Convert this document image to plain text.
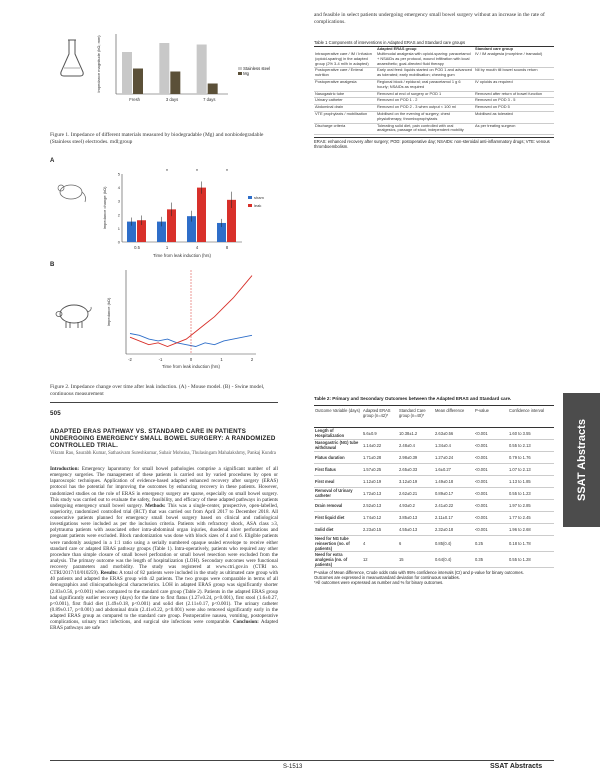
Impedance magnitude (kΩ; mm)
Fresh	3 days	7 days
Stainless steel
Mg
Figure 1. Impedance of different materials measured by biodegradable (Mg) and nonbiodegradable (Stainless steel) electrodes. mdl;group
A
5
4
3
2
1
0
Impedance change (kΩ)
0.5	1	4	8
*	*	*
Time from leak induction (hrs)
sham
leak
B
Impedance (kΩ)
-2	-1	0	1	2
Time from leak induction (hrs)
Figure 2. Impedance change over time after leak induction. (A) - Mouse model. (B) - Swine model, continuous measurement
505
ADAPTED ERAS PATHWAY VS. STANDARD CARE IN PATIENTS UNDERGOING EMERGENCY SMALL BOWEL SURGERY: A RANDOMIZED CONTROLLED TRIAL.
Vikram Rao, Saurabh Kumar, Sathasivam Sureshkumar, Subair Mohsina, Thulasingam Mahalakshmy, Pankaj Kundra
Introduction: Emergency laparotomy for small bowel pathologies comprise a significant number of all emergency surgeries. The management of these patients is carried out by varied procedures by open or laparoscopic techniques. Application of evidence-based adapted enhanced recovery after surgery (ERAS) protocol has the potential for improving the outcomes by enhancing recovery in these patients. However, randomized studies on the role of ERAS in emergency surgery are sparse, especially on small bowel surgery. This study was carried out to evaluate the safety, feasibility, and efficacy of these adapted pathways in patients undergoing emergency small bowel surgery. Methods: This was a single-center, prospective, open-labelled, superiority, randomized controlled trial (RCT) that was carried out from April 2017 to December 2018. All consecutive patients planned for emergency small bowel surgery based on clinical and radiological investigations were included as per the inclusion criteria. Patients with refractory shock, ASA class ≥3, polytrauma patients with associated other intra-abdominal organ injuries, duodenal ulcer perforations and pregnant patients were excluded. Block randomization was done with block sizes of 4 and 6. Eligible patients were randomly assigned in a 1:1 ratio using a serially numbered opaque sealed envelope to receive either standard care or adapted ERAS pathway groups (Table 1). Intra-operatively, patients who required any other procedure than simple closure of small bowel perforation or small bowel resection were excluded from the analysis. The primary outcome was the length of hospitalization (LOH). Secondary outcomes were functional recovery parameters and morbidity. The study was registered at www.ctri.gov.in (CTRI no. CTRI/2017/10/010259). Results: A total of 82 patients were included in the study as ultimated care group with 40 patients and adapted the ERAS group with 42 patients. The two groups were comparable in terms of all demographics and clinicopathological characteristics. LOH in adapted ERAS group was significantly shorter (2.83±0.56, p<0.001) when compared to the standard care group (Table 2). Patients in the adapted ERAS group had significantly earlier recovery (days) for the time to first flatus (1.27±0.24, p<0.001), first stool (1.6±0.27, p<0.001), first fluid diet (1.49±0.18, p<0.001) and solid diet (2.11±0.17, p<0.001). The urinary catheter (0.89±0.17, p<0.001) and abdominal drain (2.41±0.22, p<0.001) were also removed significantly early in the adapted ERAS group as compared to the standard care group. Postoperative nausea, vomiting, postoperative complications, urinary tract infections, and surgical site infections were comparable. Conclusion: Adapted ERAS pathways are safe
and feasible in select patients undergoing emergency small bowel surgery without an increase in the rate of complications.
Table 1 Components of interventions in Adapted ERAS and Standard care groups
	Adapted ERAS group	Standard care group
Intraoperative care / IM / Infusion (opioid-sparing) in the adapted group (2% 3-4 ml/h in adapted)	Multimodal analgesia with opioid-sparing: paracetamol + NSAIDs as per protocol, wound infiltration with local anaesthetic; goal-directed fluid therapy	IV / IM analgesia (morphine / tramadol)
Postoperative care / Enteral nutrition	Early oral feed: liquids started on POD 1 and advanced as tolerated; early mobilisation; chewing gum	Nil by mouth till bowel sounds return
Postoperative analgesia	Regional block / epidural; oral paracetamol 1 g 6 hourly; NSAIDs as required	IV opioids as required
Nasogastric tube	Removed at end of surgery or POD 1	Removed after return of bowel function
Urinary catheter	Removed on POD 1 - 2	Removed on POD 3 - 5
Abdominal drain	Removed on POD 2 - 3 when output < 100 ml	Removed on POD 5
VTE prophylaxis / mobilisation	Mobilised on the evening of surgery; chest physiotherapy; thromboprophylaxis	Mobilised as tolerated
Discharge criteria	Tolerating solid diet, pain controlled with oral analgesics, passage of stool, independent mobility	As per treating surgeon
ERAS: enhanced recovery after surgery; POD: postoperative day; NSAIDs: non-steroidal anti-inflammatory drugs; VTE: venous thromboembolism.
Table 2: Primary and Secondary Outcomes between the Adapted ERAS and Standard care.
Outcome Variable (days)	Adapted ERAS group (n=42)*	Standard Care group (n=40)*	Mean difference	P-value	Confidence interval
Length of Hospitalization	5.6±0.9	10.38±1.2	2.63±0.56	<0.001	1.60 to 3.55
Nasogastric (NG) tube withdrawal	1.14±0.22	2.48±0.4	1.34±0.4	<0.001	0.55 to 2.13
Flatus duration	1.71±0.28	2.98±0.39	1.27±0.24	<0.001	0.79 to 1.76
First flatus	1.57±0.25	2.65±0.33	1.6±0.27	<0.001	1.07 to 2.13
First meal	1.12±0.19	3.12±0.19	1.49±0.18	<0.001	1.13 to 1.85
Removal of Urinary catheter	1.72±0.13	2.62±0.21	0.89±0.17	<0.001	0.55 to 1.23
Drain removal	2.52±0.13	4.93±0.2	2.41±0.22	<0.001	1.97 to 2.85
First liquid diet	1.74±0.12	3.85±0.13	2.11±0.17	<0.001	1.77 to 2.45
Solid diet	2.23±0.15	4.55±0.13	2.32±0.18	<0.001	1.96 to 2.68
Need for NG tube reinsertion (no. of patients)	4	6	0.85(0.4)	0.25	0.18 to 1.78
Need for extra analgesia (no. of patients)	12	15	0.64(0.4)	0.35	0.55 to 1.28
P-value of Mean difference, Crude odds ratio with 95% confidence intervals (CI) and p-value for binary outcomes.
Outcomes are expressed in mean±standard deviation for continuous variables.
*All outcomes were expressed as number and % for binary outcomes.
SSAT Abstracts
S-1513	SSAT Abstracts
